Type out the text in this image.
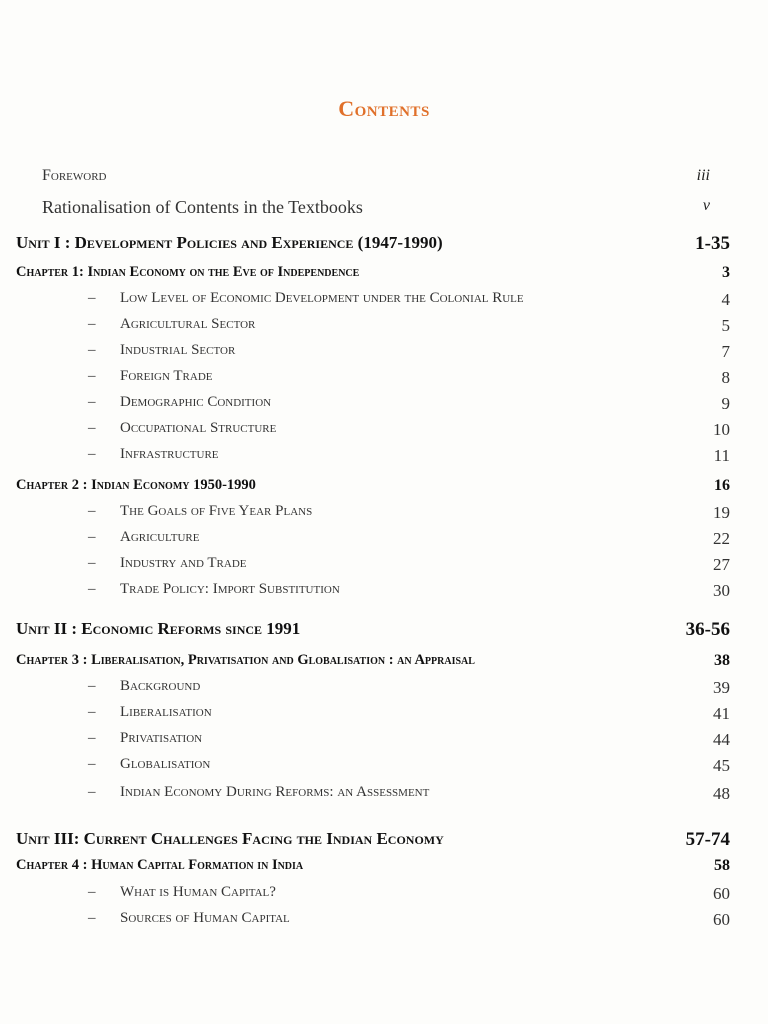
Contents
Foreword	iii
Rationalisation of Contents in the Textbooks	v
Unit I : Development Policies and Experience (1947-1990)	1-35
Chapter 1: Indian Economy on the Eve of Independence	3
– Low Level of Economic Development under the Colonial Rule	4
– Agricultural Sector	5
– Industrial Sector	7
– Foreign Trade	8
– Demographic Condition	9
– Occupational Structure	10
– Infrastructure	11
Chapter 2 : Indian Economy 1950-1990	16
– The Goals of Five Year Plans	19
– Agriculture	22
– Industry and Trade	27
– Trade Policy: Import Substitution	30
Unit II : Economic Reforms since 1991	36-56
Chapter 3 : Liberalisation, Privatisation and Globalisation : an Appraisal	38
– Background	39
– Liberalisation	41
– Privatisation	44
– Globalisation	45
– Indian Economy During Reforms: an Assessment	48
Unit III: Current Challenges Facing the Indian Economy	57-74
Chapter 4 : Human Capital Formation in India	58
– What is Human Capital?	60
– Sources of Human Capital	60
